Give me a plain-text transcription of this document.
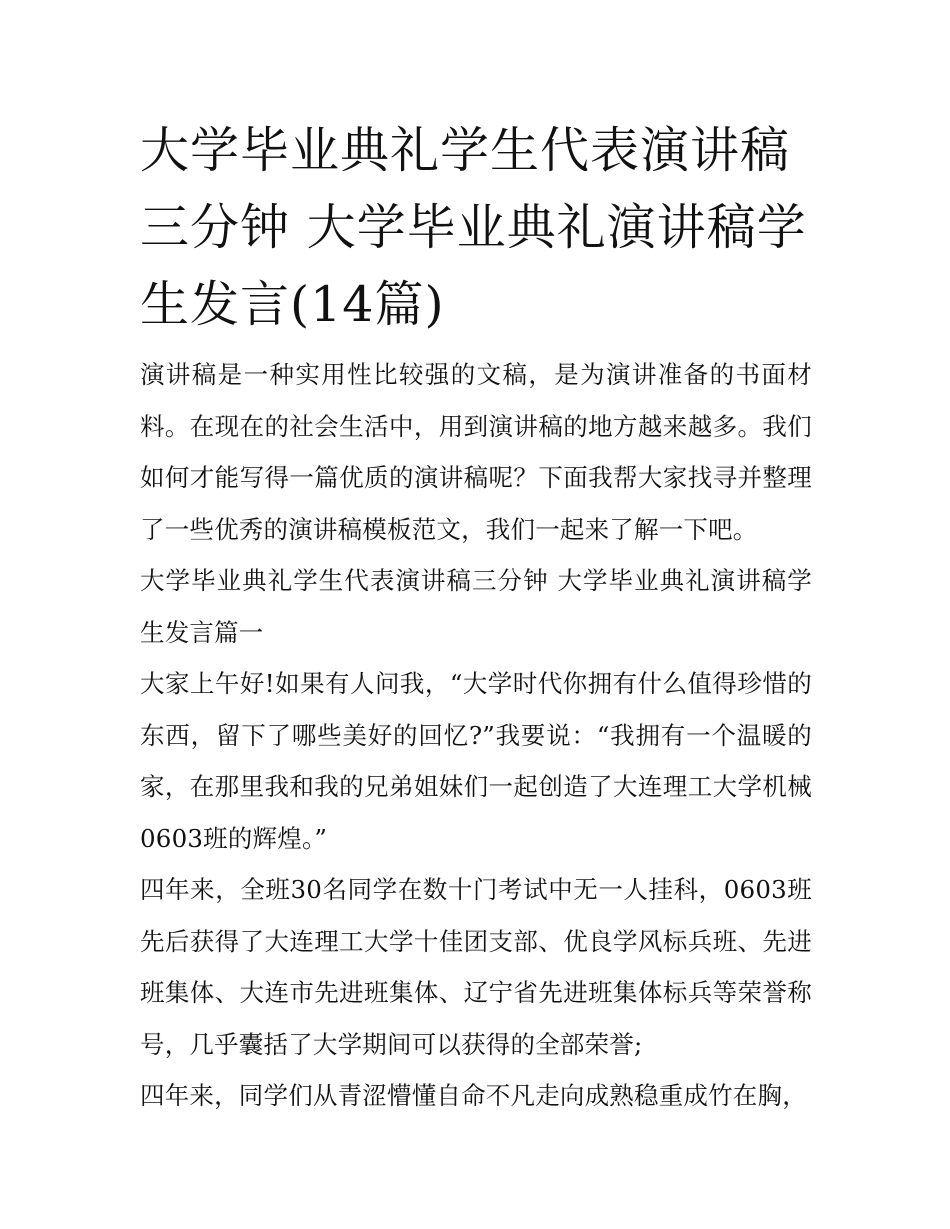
大学毕业典礼学生代表演讲稿三分钟 大学毕业典礼演讲稿学生发言(14篇)

演讲稿是一种实用性比较强的文稿，是为演讲准备的书面材料。在现在的社会生活中，用到演讲稿的地方越来越多。我们如何才能写得一篇优质的演讲稿呢？下面我帮大家找寻并整理了一些优秀的演讲稿模板范文，我们一起来了解一下吧。

大学毕业典礼学生代表演讲稿三分钟 大学毕业典礼演讲稿学生发言篇一

大家上午好!如果有人问我，“大学时代你拥有什么值得珍惜的东西，留下了哪些美好的回忆?”我要说：“我拥有一个温暖的家，在那里我和我的兄弟姐妹们一起创造了大连理工大学机械0603班的辉煌。”

四年来，全班30名同学在数十门考试中无一人挂科，0603班先后获得了大连理工大学十佳团支部、优良学风标兵班、先进班集体、大连市先进班集体、辽宁省先进班集体标兵等荣誉称号，几乎囊括了大学期间可以获得的全部荣誉;

四年来，同学们从青涩懵懂自命不凡走向成熟稳重成竹在胸，
